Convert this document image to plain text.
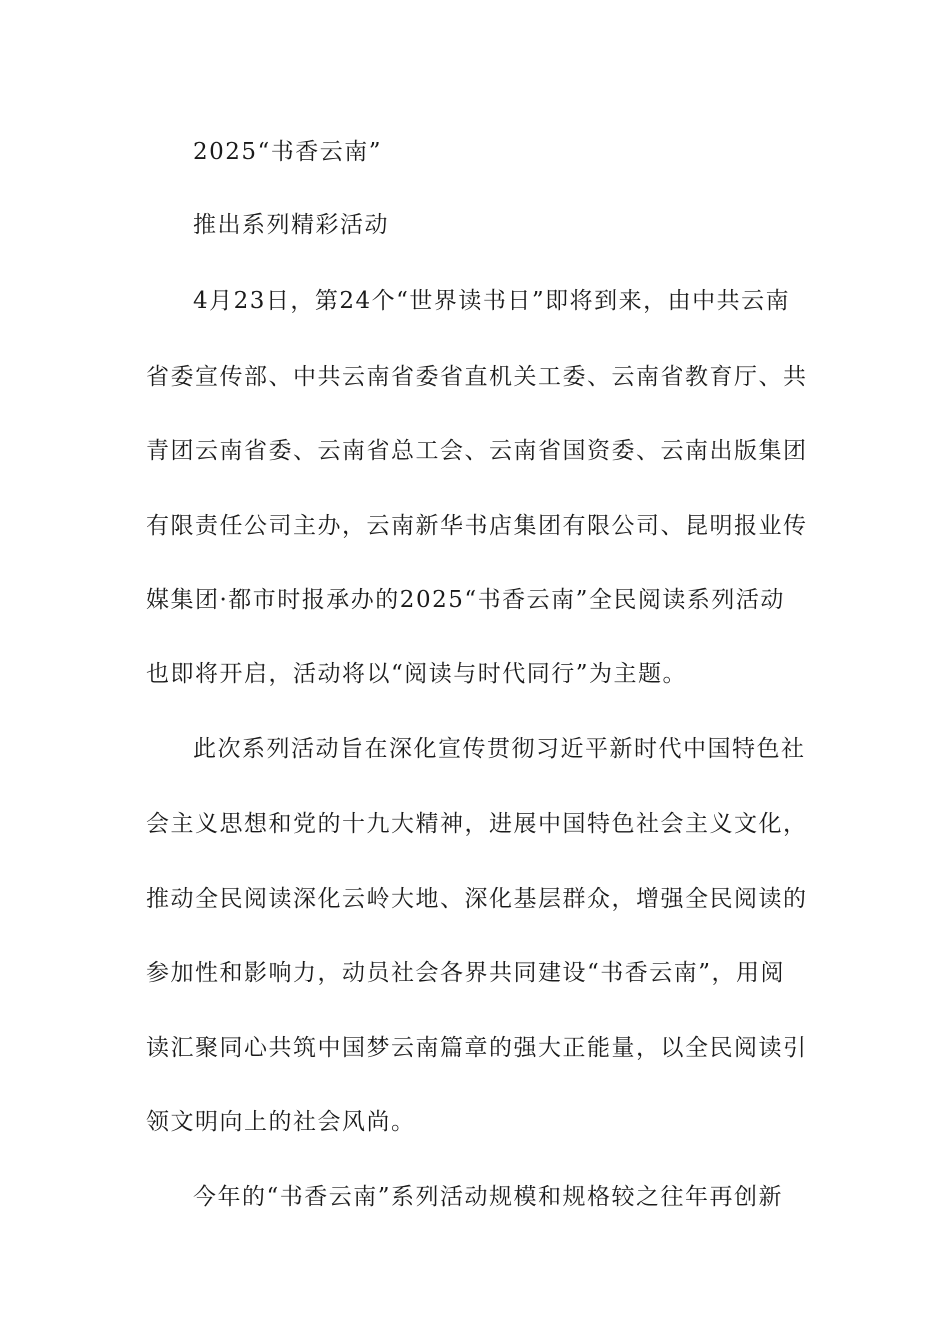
2025“书香云南”
推出系列精彩活动
4月23日，第24个“世界读书日”即将到来，由中共云南
省委宣传部、中共云南省委省直机关工委、云南省教育厅、共
青团云南省委、云南省总工会、云南省国资委、云南出版集团
有限责任公司主办，云南新华书店集团有限公司、昆明报业传
媒集团·都市时报承办的2025“书香云南”全民阅读系列活动
也即将开启，活动将以“阅读与时代同行”为主题。
此次系列活动旨在深化宣传贯彻习近平新时代中国特色社
会主义思想和党的十九大精神，进展中国特色社会主义文化，
推动全民阅读深化云岭大地、深化基层群众，增强全民阅读的
参加性和影响力，动员社会各界共同建设“书香云南”，用阅
读汇聚同心共筑中国梦云南篇章的强大正能量，以全民阅读引
领文明向上的社会风尚。
今年的“书香云南”系列活动规模和规格较之往年再创新
